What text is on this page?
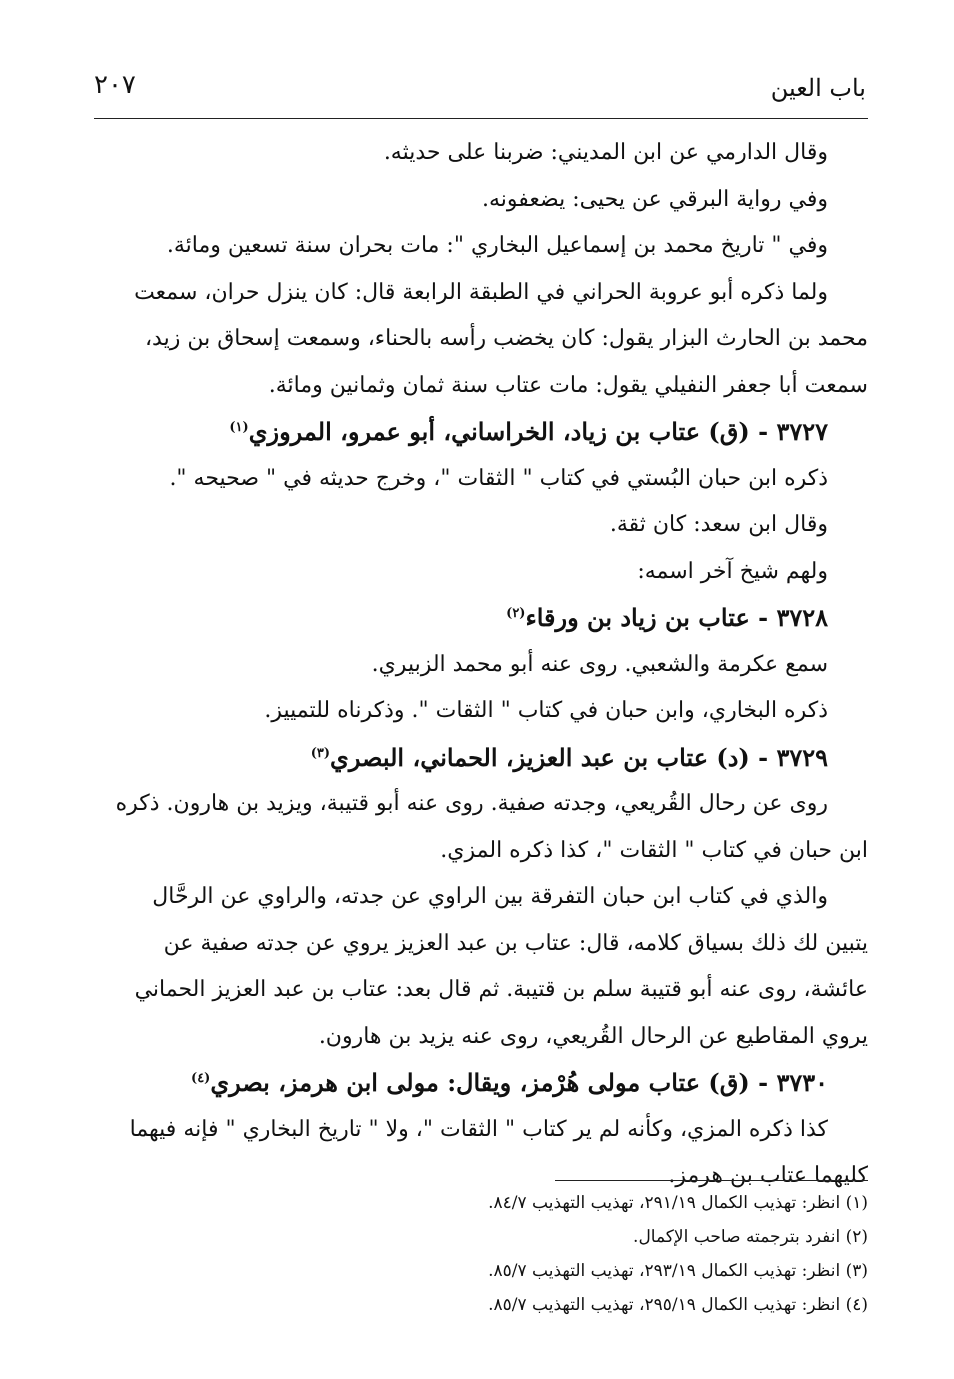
باب العين
٢٠٧
وقال الدارمي عن ابن المديني: ضربنا على حديثه.
وفي رواية البرقي عن يحيى: يضعفونه.
وفي " تاريخ محمد بن إسماعيل البخاري ": مات بحران سنة تسعين ومائة.
ولما ذكره أبو عروبة الحراني في الطبقة الرابعة قال: كان ينزل حران، سمعت
محمد بن الحارث البزار يقول: كان يخضب رأسه بالحناء، وسمعت إسحاق بن زيد،
سمعت أبا جعفر النفيلي يقول: مات عتاب سنة ثمان وثمانين ومائة.
٣٧٢٧ - (ق) عتاب بن زياد، الخراساني، أبو عمرو، المروزي$^{(١)}$
ذكره ابن حبان البُستي في كتاب " الثقات "، وخرج حديثه في " صحيحه ".
وقال ابن سعد: كان ثقة.
ولهم شيخ آخر اسمه:
٣٧٢٨ - عتاب بن زياد بن ورقاء$^{(٢)}$
سمع عكرمة والشعبي. روى عنه أبو محمد الزبيري.
ذكره البخاري، وابن حبان في كتاب " الثقات ". وذكرناه للتمييز.
٣٧٢٩ - (د) عتاب بن عبد العزيز، الحماني، البصري$^{(٣)}$
روى عن رحال القُريعي، وجدته صفية. روى عنه أبو قتيبة، ويزيد بن هارون. ذكره
ابن حبان في كتاب " الثقات "، كذا ذكره المزي.
والذي في كتاب ابن حبان التفرقة بين الراوي عن جدته، والراوي عن الرحَّال
يتبين لك ذلك بسياق كلامه، قال: عتاب بن عبد العزيز يروي عن جدته صفية عن
عائشة، روى عنه أبو قتيبة سلم بن قتيبة. ثم قال بعد: عتاب بن عبد العزيز الحماني
يروي المقاطيع عن الرحال القُريعي، روى عنه يزيد بن هارون.
٣٧٣٠ - (ق) عتاب مولى هُرْمز، ويقال: مولى ابن هرمز، بصري$^{(٤)}$
كذا ذكره المزي، وكأنه لم ير كتاب " الثقات "، ولا " تاريخ البخاري " فإنه فيهما
كليهما عتاب بن هرمز.
(١) انظر: تهذيب الكمال ٢٩١/١٩، تهذيب التهذيب ٨٤/٧.
(٢) انفرد بترجمته صاحب الإكمال.
(٣) انظر: تهذيب الكمال ٢٩٣/١٩، تهذيب التهذيب ٨٥/٧.
(٤) انظر: تهذيب الكمال ٢٩٥/١٩، تهذيب التهذيب ٨٥/٧.
